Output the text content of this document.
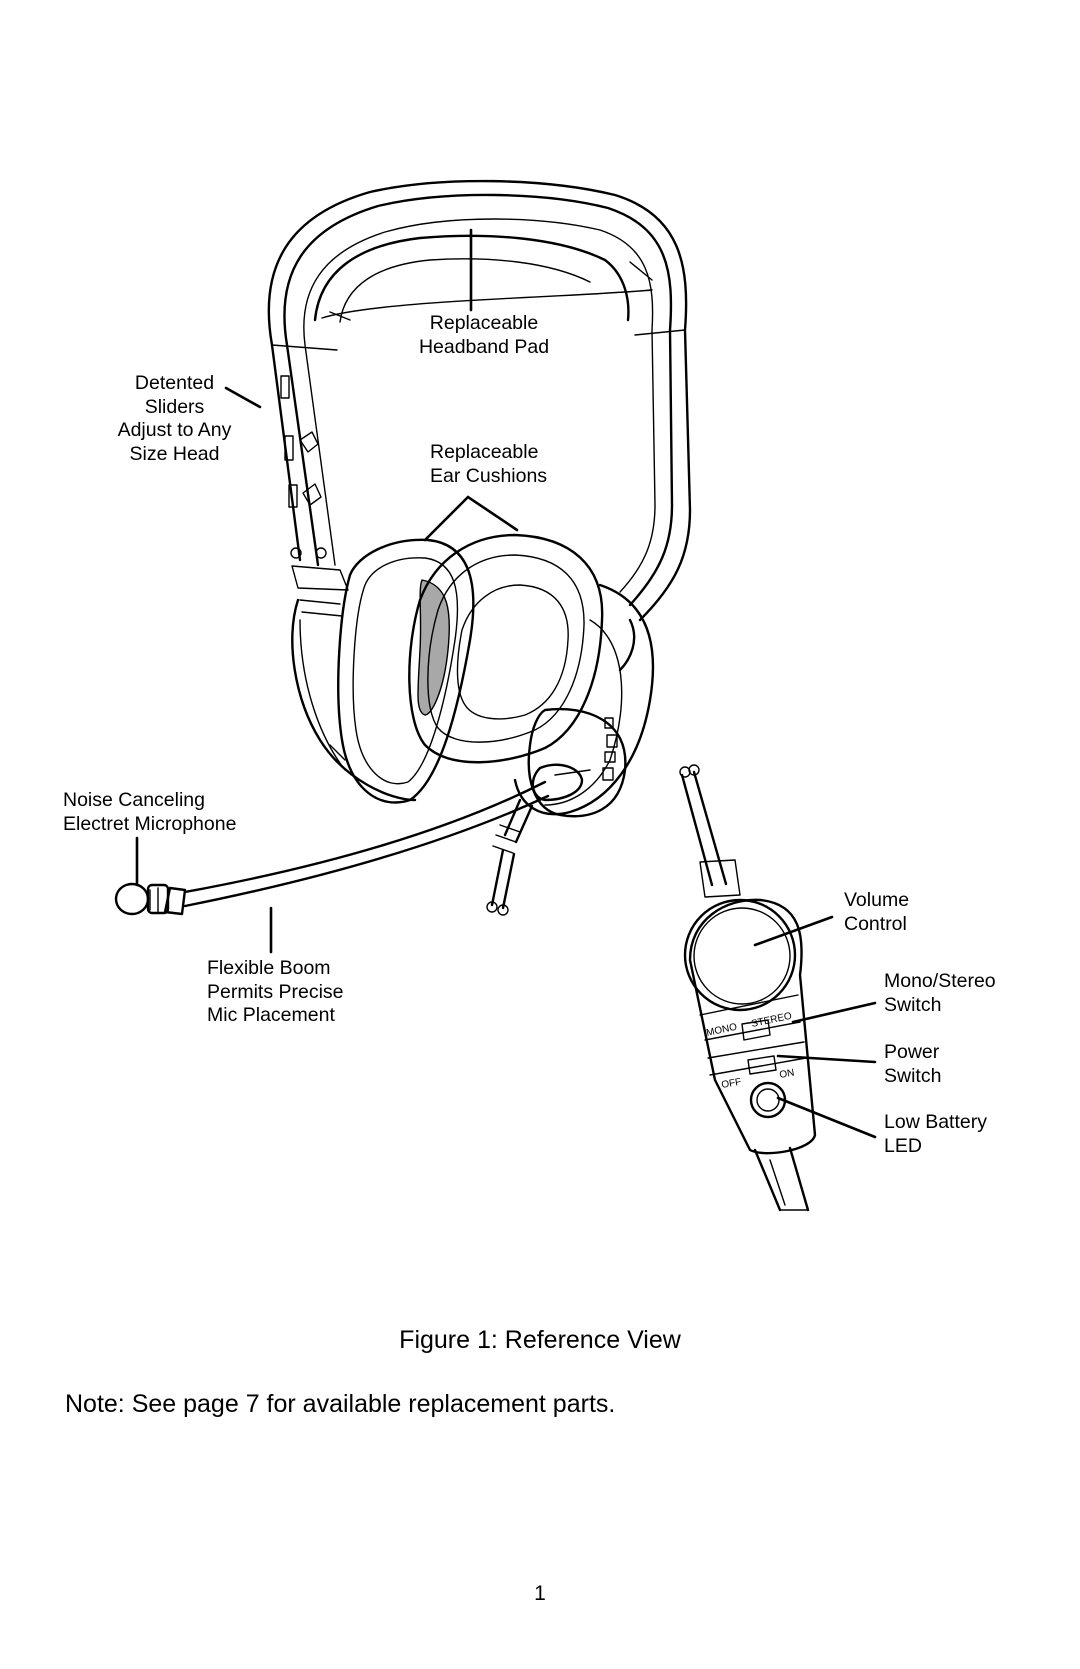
MONO
STEREO
OFF
ON
Replaceable
Headband Pad
Detented
Sliders
Adjust to Any
Size Head	Replaceable
Ear Cushions
Noise Canceling
Electret Microphone
Flexible Boom
Permits Precise
Mic Placement
Volume
Control
Mono/Stereo
Switch
Power
Switch
Low Battery
LED
Figure 1: Reference View
Note: See page 7 for available replacement parts.
1
